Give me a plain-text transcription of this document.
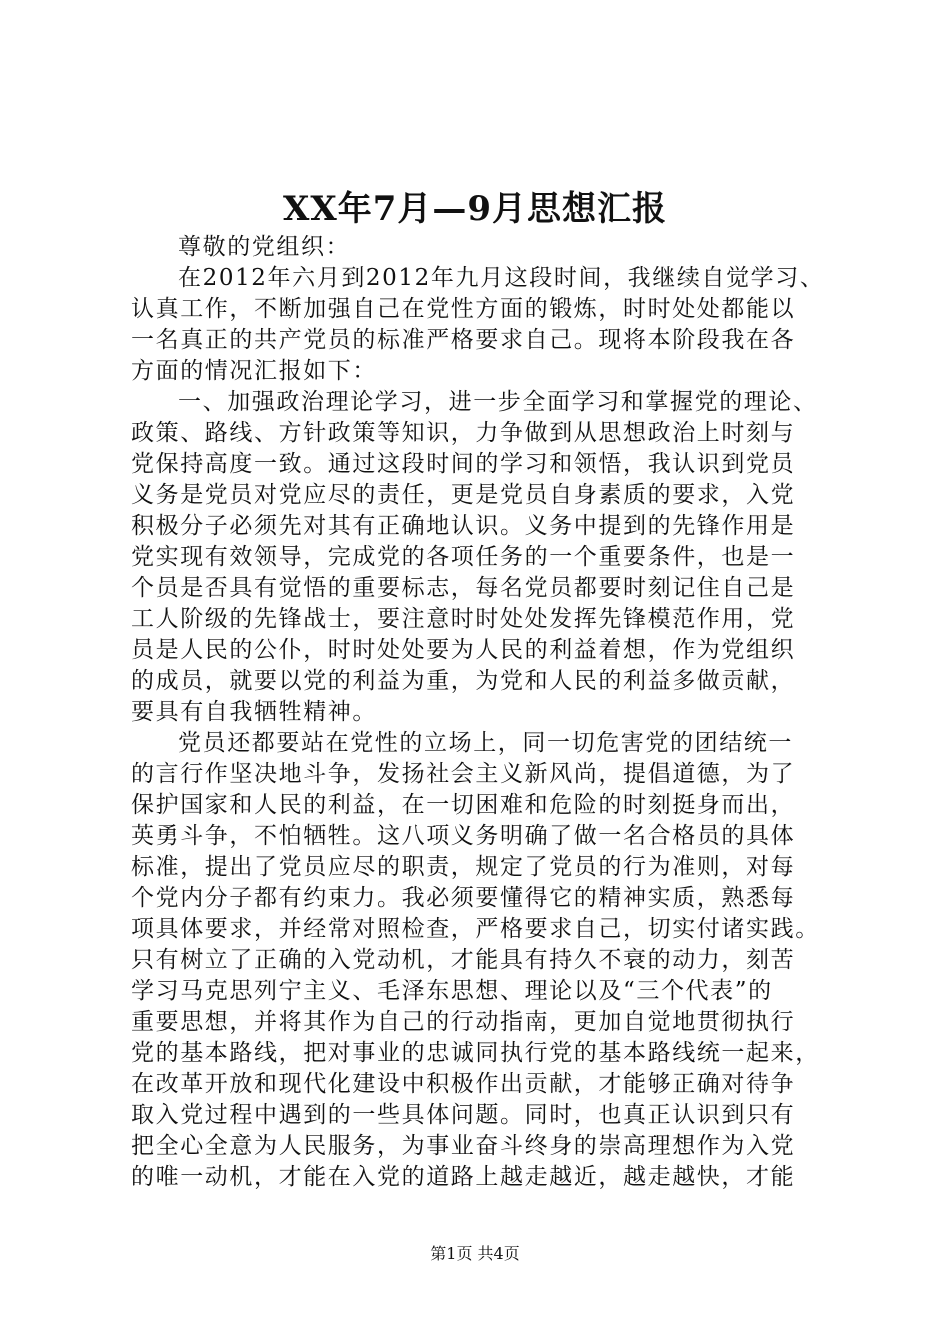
XX年7月—9月思想汇报
尊敬的党组织：
在2012年六月到2012年九月这段时间，我继续自觉学习、
认真工作，不断加强自己在党性方面的锻炼，时时处处都能以
一名真正的共产党员的标准严格要求自己。现将本阶段我在各
方面的情况汇报如下：
一、加强政治理论学习，进一步全面学习和掌握党的理论、
政策、路线、方针政策等知识，力争做到从思想政治上时刻与
党保持高度一致。通过这段时间的学习和领悟，我认识到党员
义务是党员对党应尽的责任，更是党员自身素质的要求，入党
积极分子必须先对其有正确地认识。义务中提到的先锋作用是
党实现有效领导，完成党的各项任务的一个重要条件，也是一
个员是否具有觉悟的重要标志，每名党员都要时刻记住自己是
工人阶级的先锋战士，要注意时时处处发挥先锋模范作用，党
员是人民的公仆，时时处处要为人民的利益着想，作为党组织
的成员，就要以党的利益为重，为党和人民的利益多做贡献，
要具有自我牺牲精神。
党员还都要站在党性的立场上，同一切危害党的团结统一
的言行作坚决地斗争，发扬社会主义新风尚，提倡道德，为了
保护国家和人民的利益，在一切困难和危险的时刻挺身而出，
英勇斗争，不怕牺牲。这八项义务明确了做一名合格员的具体
标准，提出了党员应尽的职责，规定了党员的行为准则，对每
个党内分子都有约束力。我必须要懂得它的精神实质，熟悉每
项具体要求，并经常对照检查，严格要求自己，切实付诸实践。
只有树立了正确的入党动机，才能具有持久不衰的动力，刻苦
学习马克思列宁主义、毛泽东思想、理论以及“三个代表”的
重要思想，并将其作为自己的行动指南，更加自觉地贯彻执行
党的基本路线，把对事业的忠诚同执行党的基本路线统一起来，
在改革开放和现代化建设中积极作出贡献，才能够正确对待争
取入党过程中遇到的一些具体问题。同时，也真正认识到只有
把全心全意为人民服务，为事业奋斗终身的崇高理想作为入党
的唯一动机，才能在入党的道路上越走越近，越走越快，才能
第1页 共4页
